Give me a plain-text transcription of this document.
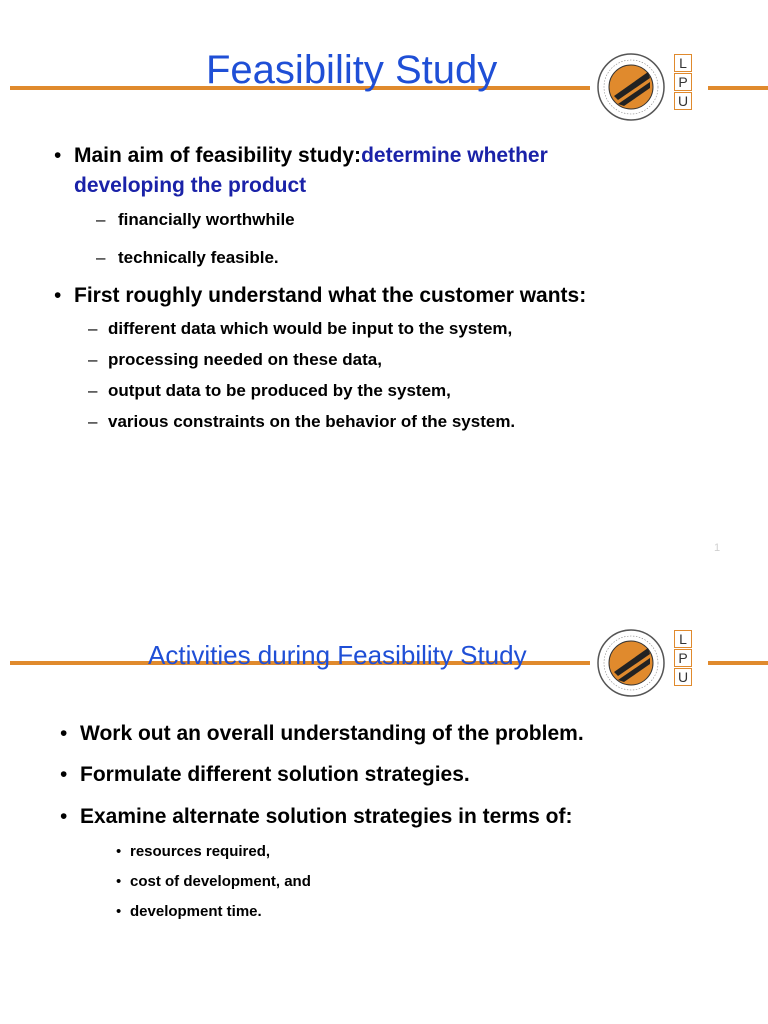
Feasibility Study	L
P
U
• Main aim of feasibility study:determine whether
developing the product
– financially worthwhile
– technically feasible.
• First roughly understand what the customer wants:
– different data which would be input to the system,
– processing needed on these data,
– output data to be produced by the system,
– various constraints on the behavior of the system.
1
Activities during Feasibility Study
L
P
U
• Work out an overall understanding of the problem.
• Formulate different solution strategies.
• Examine alternate solution strategies in terms of:
• resources required,
• cost of development, and
• development time.
